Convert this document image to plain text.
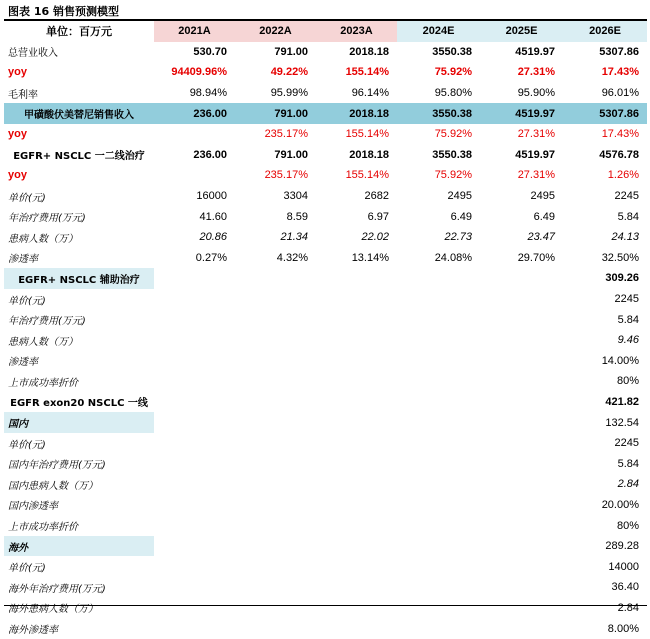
图表 16 销售预测模型
单位：百万元	2021A	2022A	2023A	2024E	2025E	2026E
总营业收入	530.70	791.00	2018.18	3550.38	4519.97	5307.86
yoy	94409.96%	49.22%	155.14%	75.92%	27.31%	17.43%
毛利率	98.94%	95.99%	96.14%	95.80%	95.90%	96.01%
甲磺酸伏美替尼销售收入	236.00	791.00	2018.18	3550.38	4519.97	5307.86
yoy		235.17%	155.14%	75.92%	27.31%	17.43%
EGFR+ NSCLC 一二线治疗	236.00	791.00	2018.18	3550.38	4519.97	4576.78
yoy		235.17%	155.14%	75.92%	27.31%	1.26%
单价(元)	16000	3304	2682	2495	2495	2245
年治疗费用(万元)	41.60	8.59	6.97	6.49	6.49	5.84
患病人数（万）	20.86	21.34	22.02	22.73	23.47	24.13
渗透率	0.27%	4.32%	13.14%	24.08%	29.70%	32.50%
EGFR+ NSCLC 辅助治疗						309.26
单价(元)						2245
年治疗费用(万元)						5.84
患病人数（万）						9.46
渗透率						14.00%
上市成功率折价						80%
EGFR exon20 NSCLC 一线						421.82
国内						132.54
单价(元)						2245
国内年治疗费用(万元)						5.84
国内患病人数（万）						2.84
国内渗透率						20.00%
上市成功率折价						80%
海外						289.28
单价(元)						14000
海外年治疗费用(万元)						36.40
海外患病人数（万）						2.84
海外渗透率						8.00%
